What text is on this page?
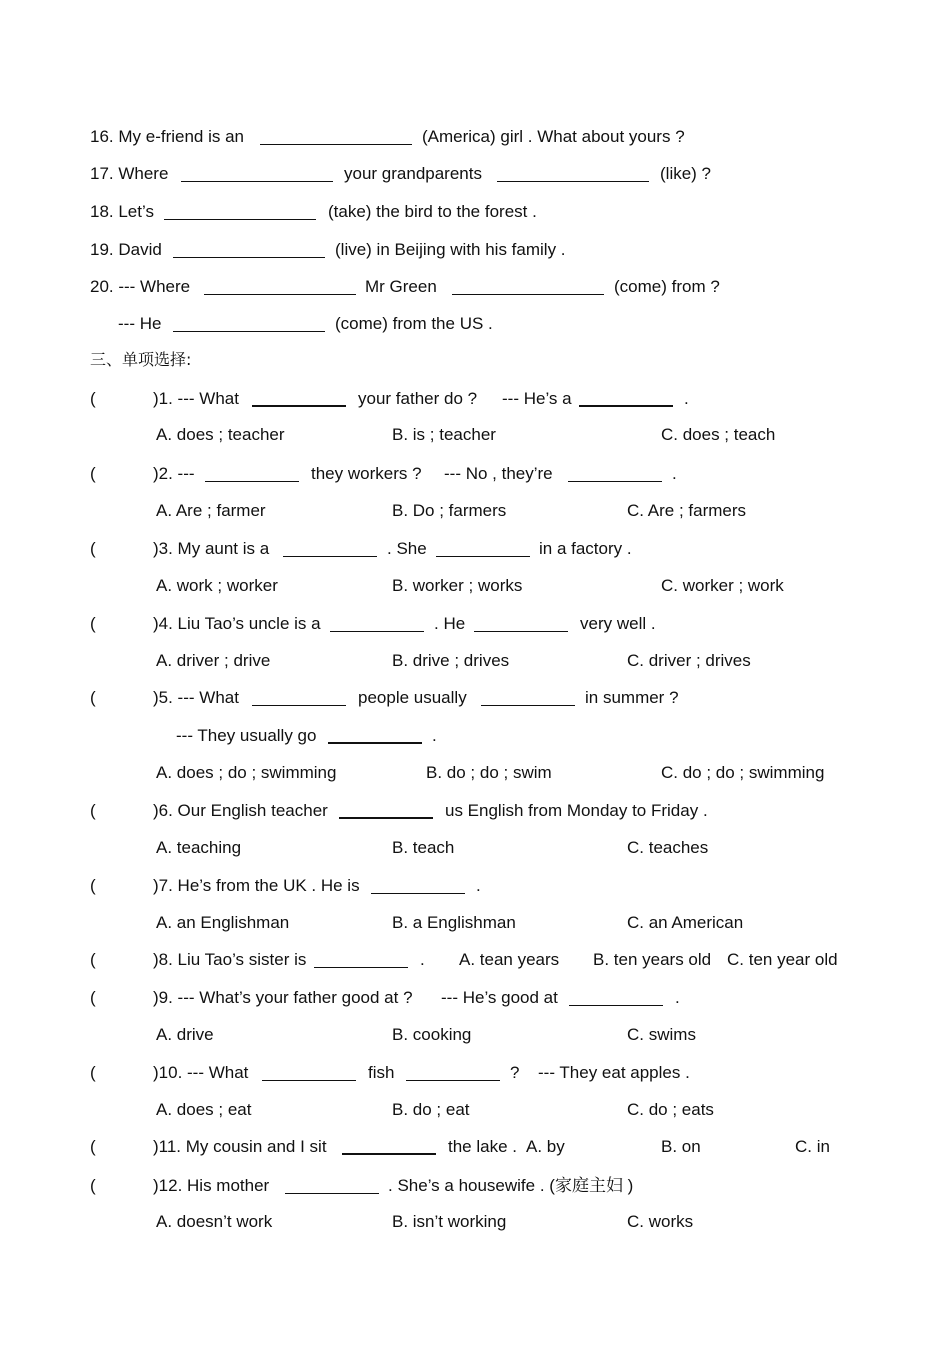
16. My e-friend is an	(America) girl . What about yours ?
17. Where	your grandparents	(like) ?
18. Let’s	(take) the bird to the forest .
19. David	(live) in Beijing with his family .
20. --- Where	Mr Green	(come) from ?
--- He	(come) from the US .
三、单项选择:
(	)1. --- What	your father do ? --- He’s a	.
A. does ; teacher	B. is ; teacher	C. does ; teach
(	)2. ---	they workers ? --- No , they’re	.
A. Are ; farmer	B. Do ; farmers	C. Are ; farmers
(	)3. My aunt is a	. She	in a factory .
A. work ; worker	B. worker ; works	C. worker ; work
(	)4. Liu Tao’s uncle is a	. He	very well .
A. driver ; drive	B. drive ; drives	C. driver ; drives
(	)5. --- What	people usually	in summer ?
--- They usually go	.
A. does ; do ; swimming	B. do ; do ; swim	C. do ; do ; swimming
(	)6. Our English teacher	us English from Monday to Friday .
A. teaching	B. teach	C. teaches
(	)7. He’s from the UK . He is	.
A. an Englishman	B. a Englishman	C. an American
(	)8. Liu Tao’s sister is	. A. tean years B. ten years old C. ten year old
(	)9. --- What’s your father good at ? --- He’s good at	.
A. drive	B. cooking	C. swims
(	)10. --- What	fish	? --- They eat apples .
A. does ; eat	B. do ; eat	C. do ; eats
(	)11. My cousin and I sit	the lake . A. by	B. on	C. in
(	)12. His mother	. She’s a housewife . (家庭主妇 )
A. doesn’t work	B. isn’t working	C. works
